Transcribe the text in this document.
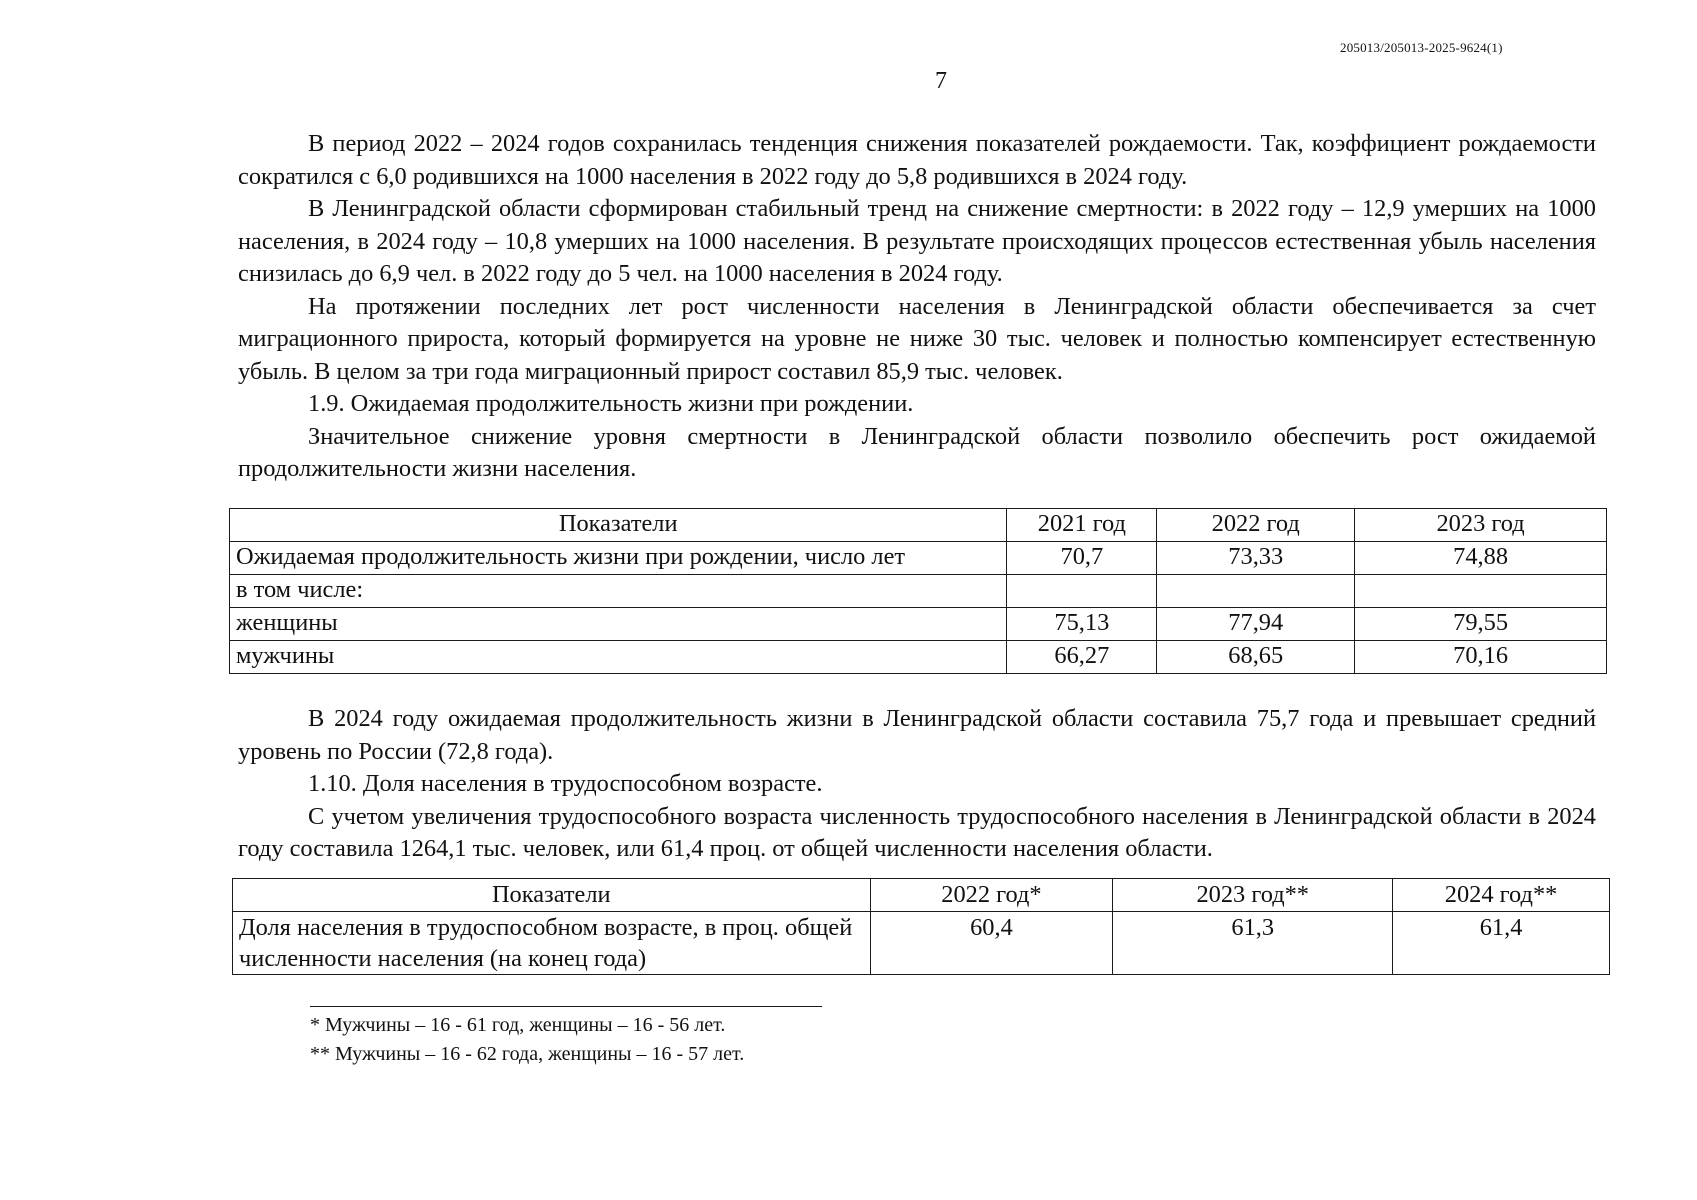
205013/205013-2025-9624(1)
7

В период 2022 – 2024 годов сохранилась тенденция снижения показателей рождаемости. Так, коэффициент рождаемости сократился с 6,0 родившихся на 1000 населения в 2022 году до 5,8 родившихся в 2024 году.

В Ленинградской области сформирован стабильный тренд на снижение смертности: в 2022 году – 12,9 умерших на 1000 населения, в 2024 году – 10,8 умерших на 1000 населения. В результате происходящих процессов естественная убыль населения снизилась до 6,9 чел. в 2022 году до 5 чел. на 1000 населения в 2024 году.

На протяжении последних лет рост численности населения в Ленинградской области обеспечивается за счет миграционного прироста, который формируется на уровне не ниже 30 тыс. человек и полностью компенсирует естественную убыль. В целом за три года миграционный прирост составил 85,9 тыс. человек.

1.9. Ожидаемая продолжительность жизни при рождении.

Значительное снижение уровня смертности в Ленинградской области позволило обеспечить рост ожидаемой продолжительности жизни населения.

Показатели	2021 год	2022 год	2023 год
Ожидаемая продолжительность жизни при рождении, число лет	70,7	73,33	74,88
в том числе:			
женщины	75,13	77,94	79,55
мужчины	66,27	68,65	70,16

В 2024 году ожидаемая продолжительность жизни в Ленинградской области составила 75,7 года и превышает средний уровень по России (72,8 года).

1.10. Доля населения в трудоспособном возрасте.

С учетом увеличения трудоспособного возраста численность трудоспособного населения в Ленинградской области в 2024 году составила 1264,1 тыс. человек, или 61,4 проц. от общей численности населения области.

Показатели	2022 год*	2023 год**	2024 год**
Доля населения в трудоспособном возрасте, в проц. общей численности населения (на конец года)	60,4	61,3	61,4
* Мужчины – 16 - 61 год, женщины – 16 - 56 лет.
** Мужчины – 16 - 62 года, женщины – 16 - 57 лет.
